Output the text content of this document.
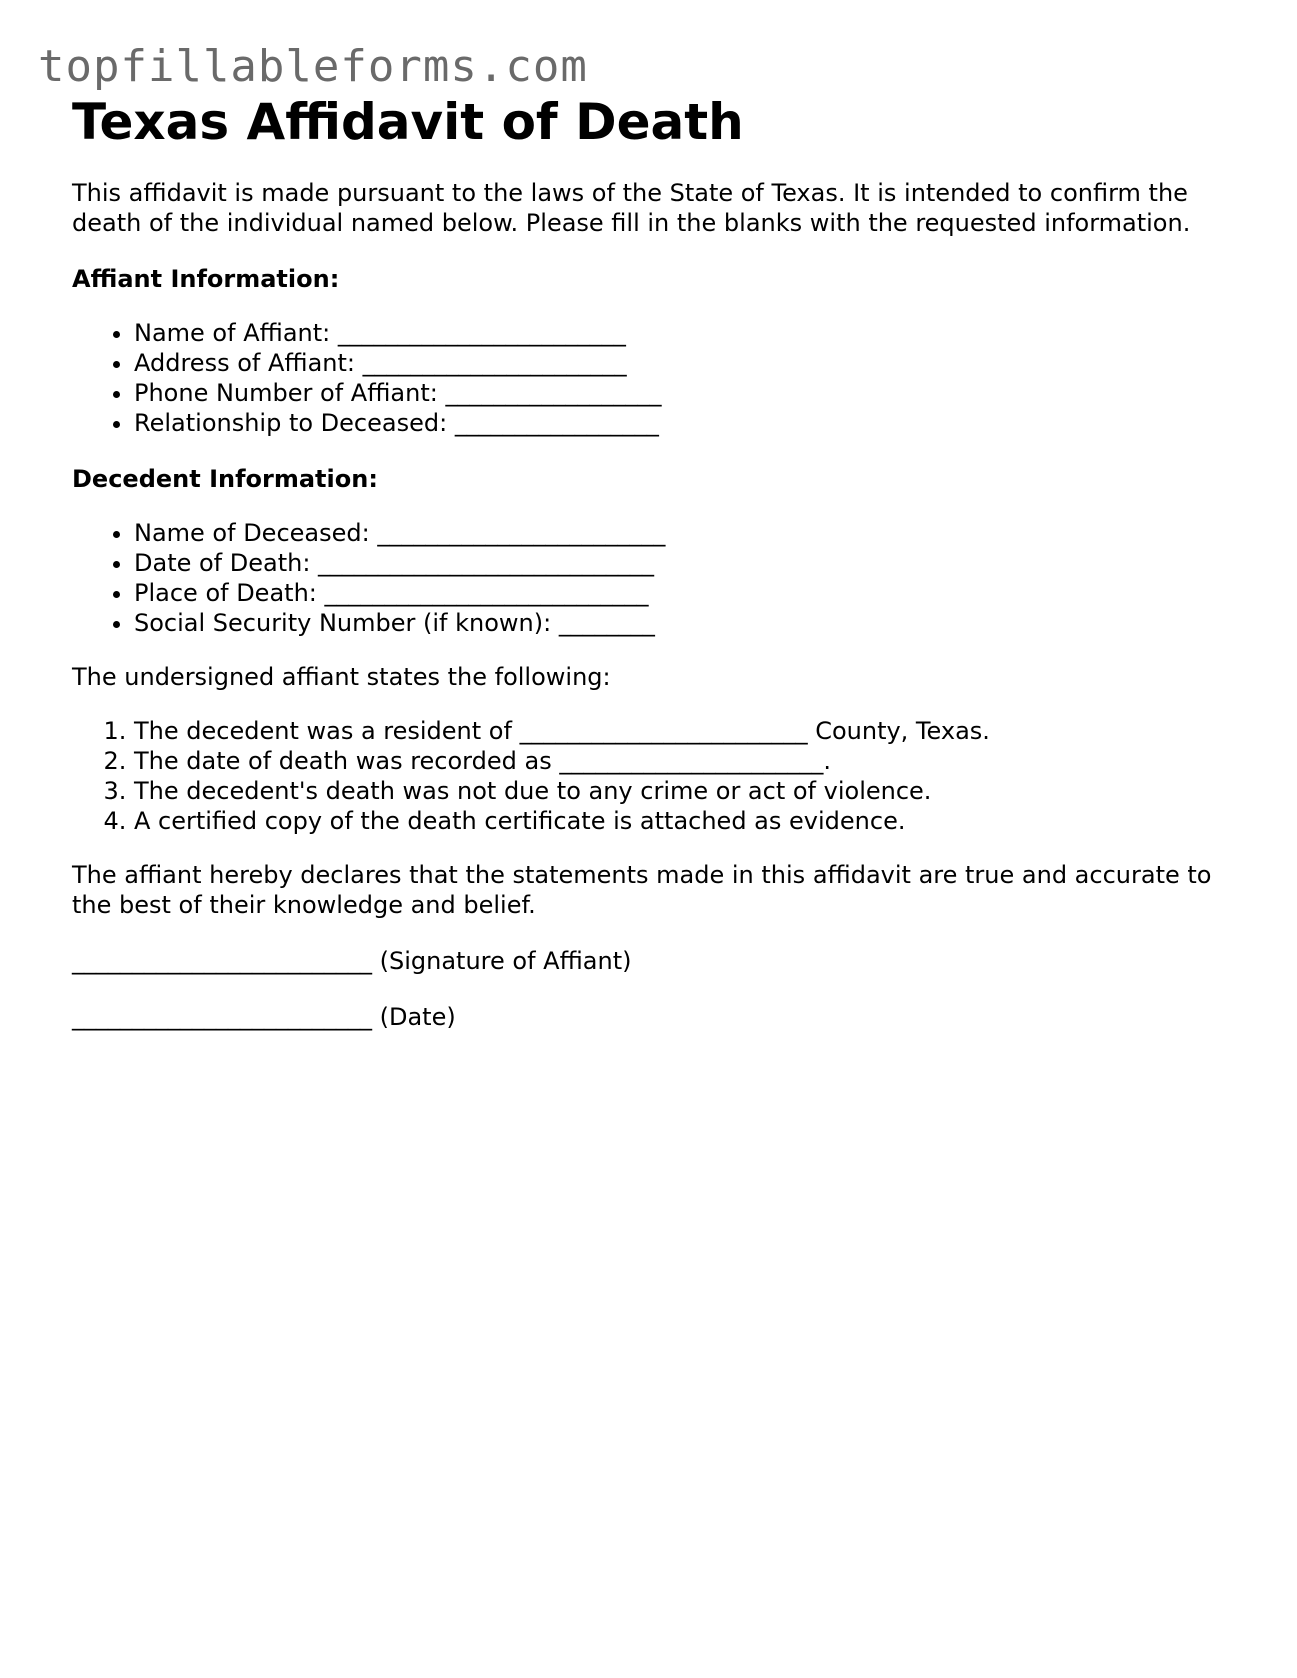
topfillableforms.com
Texas Affidavit of Death

This affidavit is made pursuant to the laws of the State of Texas. It is intended to confirm the death of the individual named below. Please fill in the blanks with the requested information.

Affiant Information:

• Name of Affiant: ________________________
• Address of Affiant: ______________________
• Phone Number of Affiant: __________________
• Relationship to Deceased: _________________

Decedent Information:

• Name of Deceased: ________________________
• Date of Death: ____________________________
• Place of Death: ___________________________
• Social Security Number (if known): ________

The undersigned affiant states the following:

1. The decedent was a resident of ________________________ County, Texas.
2. The date of death was recorded as ______________________.
3. The decedent's death was not due to any crime or act of violence.
4. A certified copy of the death certificate is attached as evidence.

The affiant hereby declares that the statements made in this affidavit are true and accurate to the best of their knowledge and belief.

_________________________ (Signature of Affiant)

_________________________ (Date)
